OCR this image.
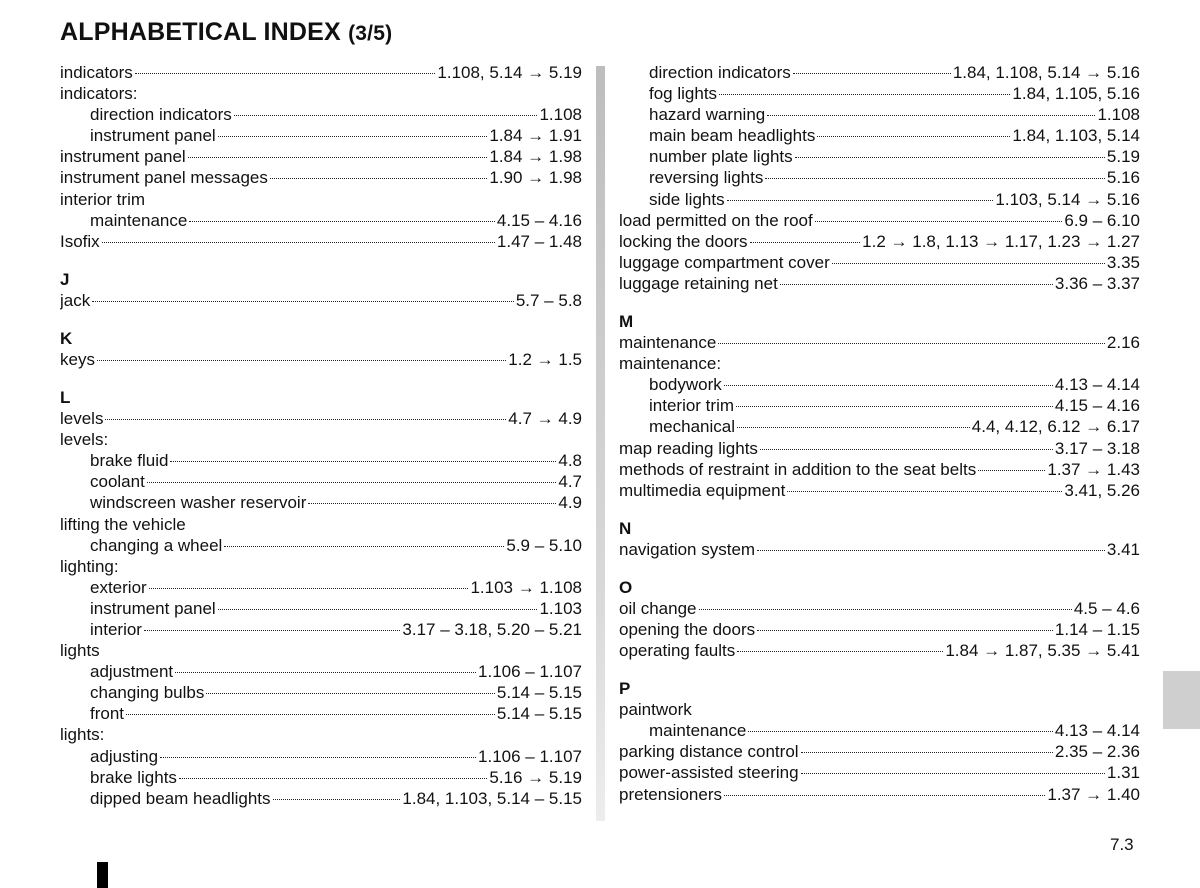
ALPHABETICAL INDEX (3/5)
indicators	1.108, 5.14 → 5.19
indicators:
direction indicators	1.108
instrument panel	1.84 → 1.91
instrument panel	1.84 → 1.98
instrument panel messages	1.90 → 1.98
interior trim
maintenance	4.15 – 4.16
Isofix	1.47 – 1.48
J
jack	5.7 – 5.8
K
keys	1.2 → 1.5
L
levels	4.7 → 4.9
levels:
brake fluid	4.8
coolant	4.7
windscreen washer reservoir	4.9
lifting the vehicle
changing a wheel	5.9 – 5.10
lighting:
exterior	1.103 → 1.108
instrument panel	1.103
interior	3.17 – 3.18, 5.20 – 5.21
lights
adjustment	1.106 – 1.107
changing bulbs	5.14 – 5.15
front	5.14 – 5.15
lights:
adjusting	1.106 – 1.107
brake lights	5.16 → 5.19
dipped beam headlights	1.84, 1.103, 5.14 – 5.15
direction indicators	1.84, 1.108, 5.14 → 5.16
fog lights	1.84, 1.105, 5.16
hazard warning	1.108
main beam headlights	1.84, 1.103, 5.14
number plate lights	5.19
reversing lights	5.16
side lights	1.103, 5.14 → 5.16
load permitted on the roof	6.9 – 6.10
locking the doors	1.2 → 1.8, 1.13 → 1.17, 1.23 → 1.27
luggage compartment cover	3.35
luggage retaining net	3.36 – 3.37
M
maintenance	2.16
maintenance:
bodywork	4.13 – 4.14
interior trim	4.15 – 4.16
mechanical	4.4, 4.12, 6.12 → 6.17
map reading lights	3.17 – 3.18
methods of restraint in addition to the seat belts	1.37 → 1.43
multimedia equipment	3.41, 5.26
N
navigation system	3.41
O
oil change	4.5 – 4.6
opening the doors	1.14 – 1.15
operating faults	1.84 → 1.87, 5.35 → 5.41
P
paintwork
maintenance	4.13 – 4.14
parking distance control	2.35 – 2.36
power-assisted steering	1.31
pretensioners	1.37 → 1.40
7.3
